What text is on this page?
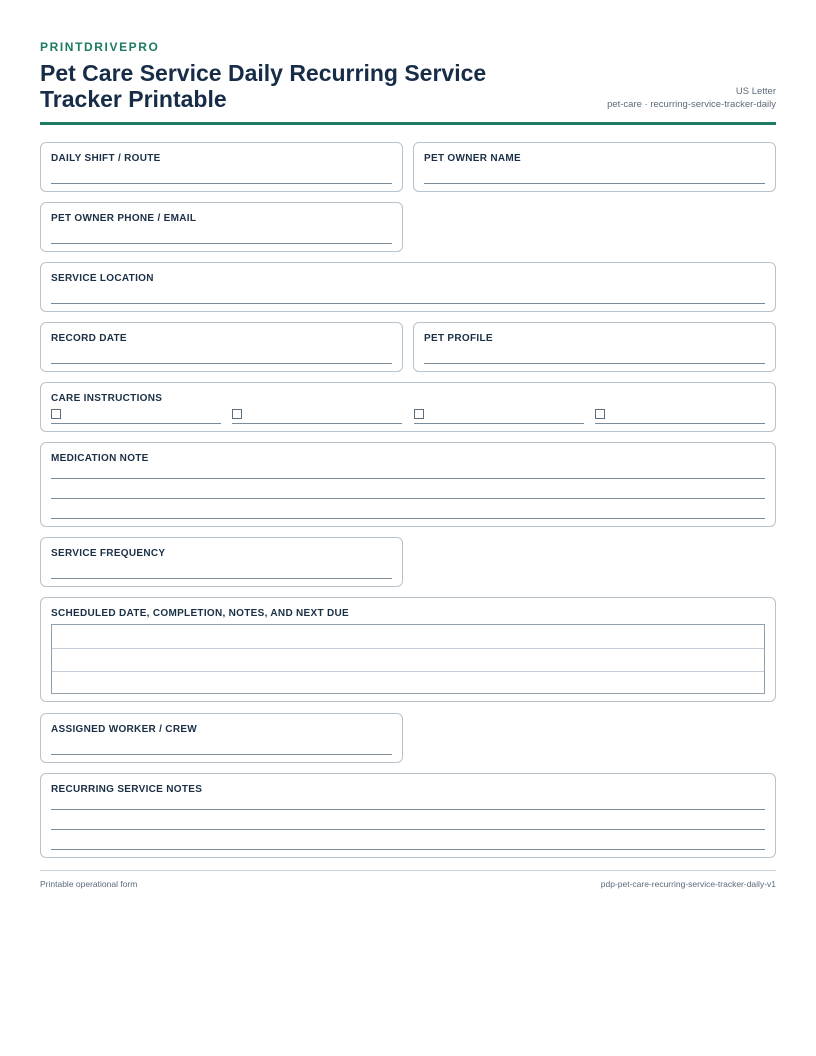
PRINTDRIVEPRO
Pet Care Service Daily Recurring Service Tracker Printable	US Letter
pet-care · recurring-service-tracker-daily
DAILY SHIFT / ROUTE	PET OWNER NAME
PET OWNER PHONE / EMAIL
SERVICE LOCATION
RECORD DATE	PET PROFILE
CARE INSTRUCTIONS
MEDICATION NOTE
SERVICE FREQUENCY
SCHEDULED DATE, COMPLETION, NOTES, AND NEXT DUE
ASSIGNED WORKER / CREW
RECURRING SERVICE NOTES
Printable operational form	pdp-pet-care-recurring-service-tracker-daily-v1
